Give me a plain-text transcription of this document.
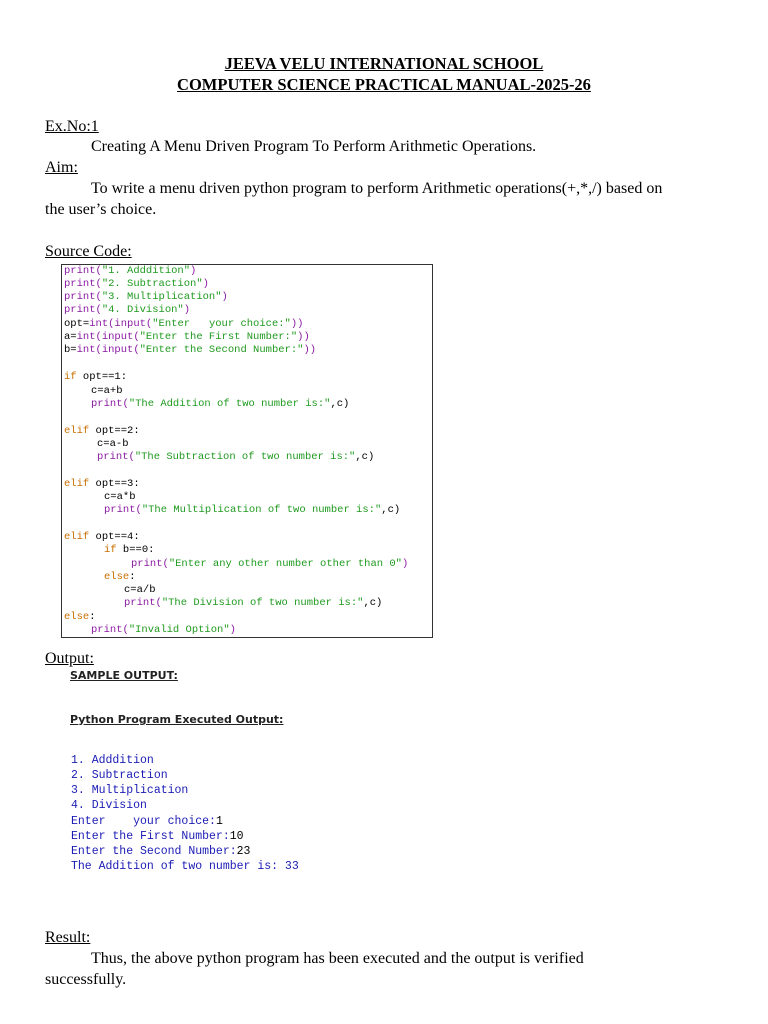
JEEVA VELU INTERNATIONAL SCHOOL
COMPUTER SCIENCE PRACTICAL MANUAL-2025-26
Ex.No:1
Creating A Menu Driven Program To Perform Arithmetic Operations.
Aim:
To write a menu driven python program to perform Arithmetic operations(+,*,/) based on
the user’s choice.
Source Code:
print("1. Adddition")
print("2. Subtraction")
print("3. Multiplication")
print("4. Division")
opt=int(input("Enter   your choice:"))
a=int(input("Enter the First Number:"))
b=int(input("Enter the Second Number:"))
if opt==1:
c=a+b
print("The Addition of two number is:",c)
elif opt==2:
c=a-b
print("The Subtraction of two number is:",c)
elif opt==3:
c=a*b
print("The Multiplication of two number is:",c)
elif opt==4:
if b==0:
print("Enter any other number other than 0")
else:
c=a/b
print("The Division of two number is:",c)
else:
print("Invalid Option")
Output:
SAMPLE OUTPUT:
Python Program Executed Output:
1. Adddition
2. Subtraction
3. Multiplication
4. Division
Enter    your choice:1
Enter the First Number:10
Enter the Second Number:23
The Addition of two number is: 33
Result:
Thus, the above python program has been executed and the output is verified
successfully.
